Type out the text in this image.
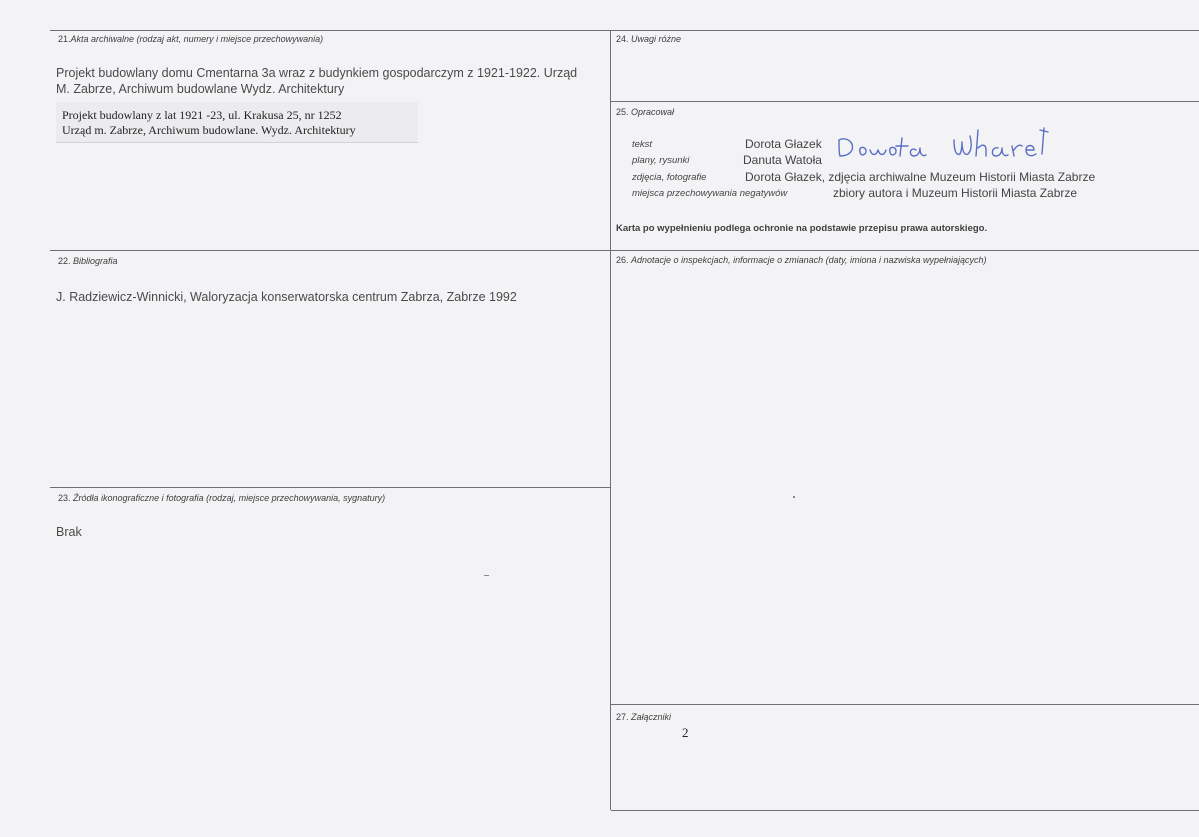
21.Akta archiwalne (rodzaj akt, numery i miejsce przechowywania)
Projekt budowlany domu Cmentarna 3a wraz z budynkiem gospodarczym z 1921-1922. Urząd
M. Zabrze, Archiwum budowlane Wydz. Architektury
Projekt budowlany z lat 1921 -23, ul. Krakusa 25, nr 1252
Urząd m. Zabrze, Archiwum budowlane. Wydz. Architektury
22. Bibliografia
J. Radziewicz-Winnicki, Waloryzacja konserwatorska centrum Zabrza, Zabrze 1992
23. Źródła ikonograficzne i fotografia (rodzaj, miejsce przechowywania, sygnatury)
Brak
24. Uwagi różne
25. Opracował
tekst	Dorota Głazek
plany, rysunki	Danuta Watoła
zdjęcia, fotografie	Dorota Głazek, zdjęcia archiwalne Muzeum Historii Miasta Zabrze
miejsca przechowywania negatywów	zbiory autora i Muzeum Historii Miasta Zabrze
Karta po wypełnieniu podlega ochronie na podstawie przepisu prawa autorskiego.
26. Adnotacje o inspekcjach, informacje o zmianach (daty, imiona i nazwiska wypełniających)
27. Załączniki
2
